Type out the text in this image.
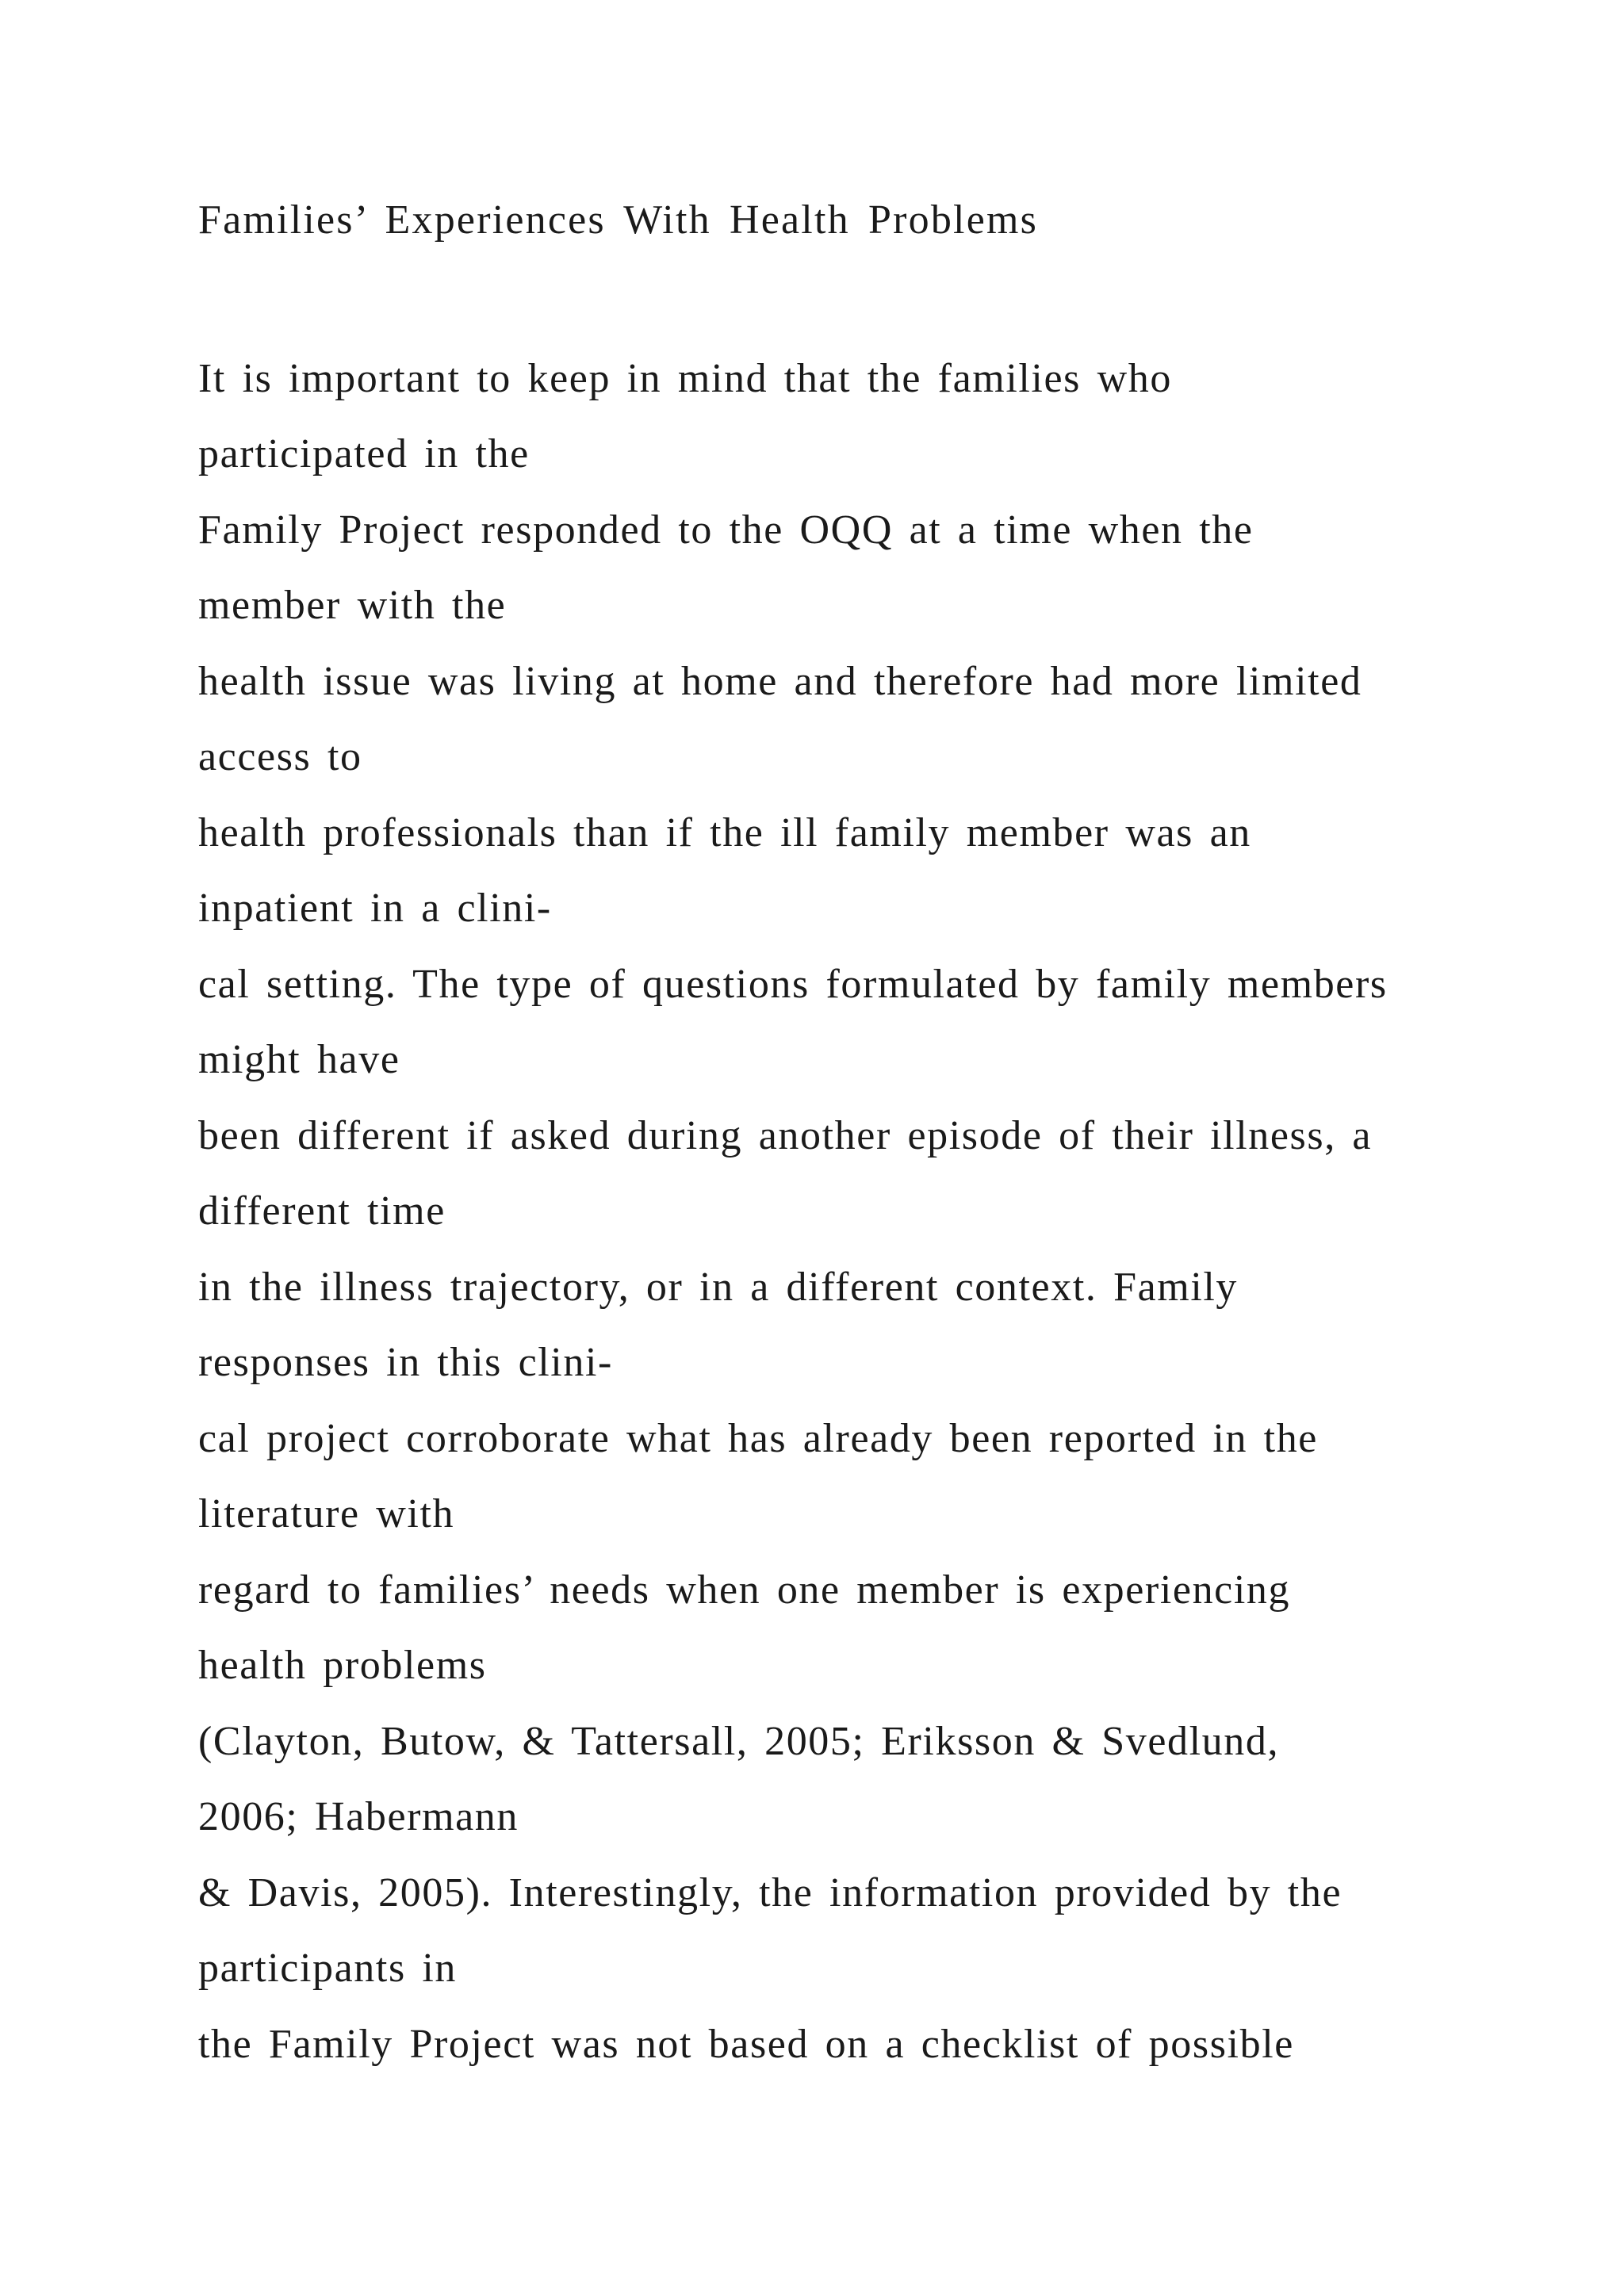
Families’ Experiences With Health Problems
It is important to keep in mind that the families who
participated in the
Family Project responded to the OQQ at a time when the
member with the
health issue was living at home and therefore had more limited
access to
health professionals than if the ill family member was an
inpatient in a clini-
cal setting. The type of questions formulated by family members
might have
been different if asked during another episode of their illness, a
different time
in the illness trajectory, or in a different context. Family
responses in this clini-
cal project corroborate what has already been reported in the
literature with
regard to families’ needs when one member is experiencing
health problems
(Clayton, Butow, & Tattersall, 2005; Eriksson & Svedlund,
2006; Habermann
& Davis, 2005). Interestingly, the information provided by the
participants in
the Family Project was not based on a checklist of possible
